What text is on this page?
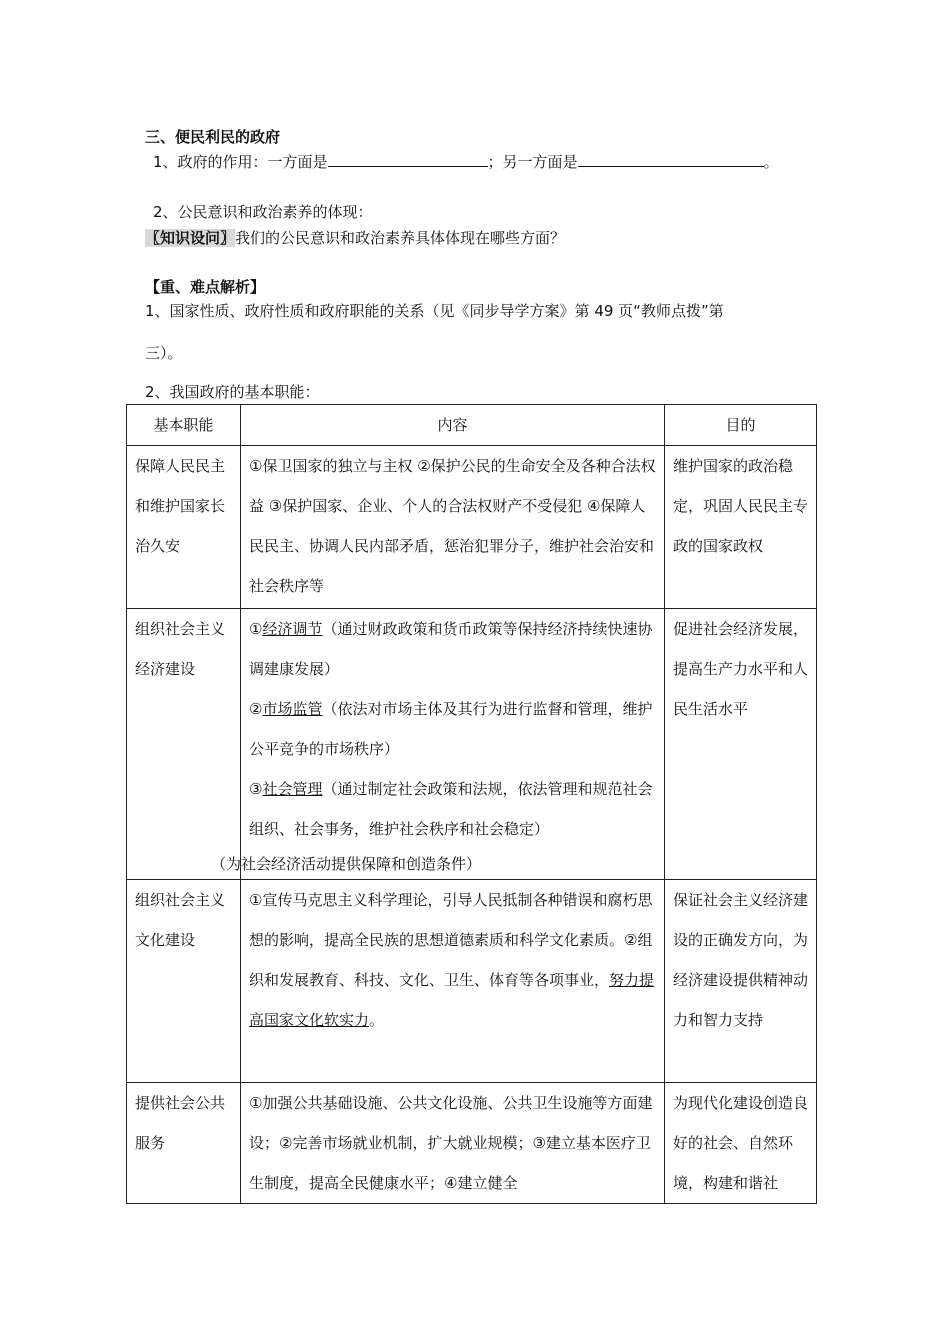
三、便民利民的政府
1、政府的作用：一方面是	；另一方面是	。
2、公民意识和政治素养的体现：
〖知识设问〗我们的公民意识和政治素养具体体现在哪些方面？
【重、难点解析】
1、国家性质、政府性质和政府职能的关系（见《同步导学方案》第 49 页“教师点拨”第
三）。
2、我国政府的基本职能：
基本职能	内容	目的
保障人民民主和维护国家长治久安	①保卫国家的独立与主权 ②保护公民的生命安全及各种合法权益 ③保护国家、企业、个人的合法权财产不受侵犯 ④保障人民民主、协调人民内部矛盾，惩治犯罪分子，维护社会治安和社会秩序等	维护国家的政治稳定，巩固人民民主专政的国家政权
组织社会主义经济建设	①经济调节（通过财政政策和货币政策等保持经济持续快速协调建康发展）
②市场监管（依法对市场主体及其行为进行监督和管理，维护公平竞争的市场秩序）
③社会管理（通过制定社会政策和法规，依法管理和规范社会组织、社会事务，维护社会秩序和社会稳定）
（为社会经济活动提供保障和创造条件）	促进社会经济发展，提高生产力水平和人民生活水平
组织社会主义文化建设	①宣传马克思主义科学理论，引导人民抵制各种错误和腐朽思想的影响，提高全民族的思想道德素质和科学文化素质。②组织和发展教育、科技、文化、卫生、体育等各项事业，努力提高国家文化软实力。	保证社会主义经济建设的正确发方向，为经济建设提供精神动力和智力支持
提供社会公共服务	①加强公共基础设施、公共文化设施、公共卫生设施等方面建设；②完善市场就业机制，扩大就业规模；③建立基本医疗卫生制度，提高全民健康水平；④建立健全	为现代化建设创造良好的社会、自然环境，构建和谐社
